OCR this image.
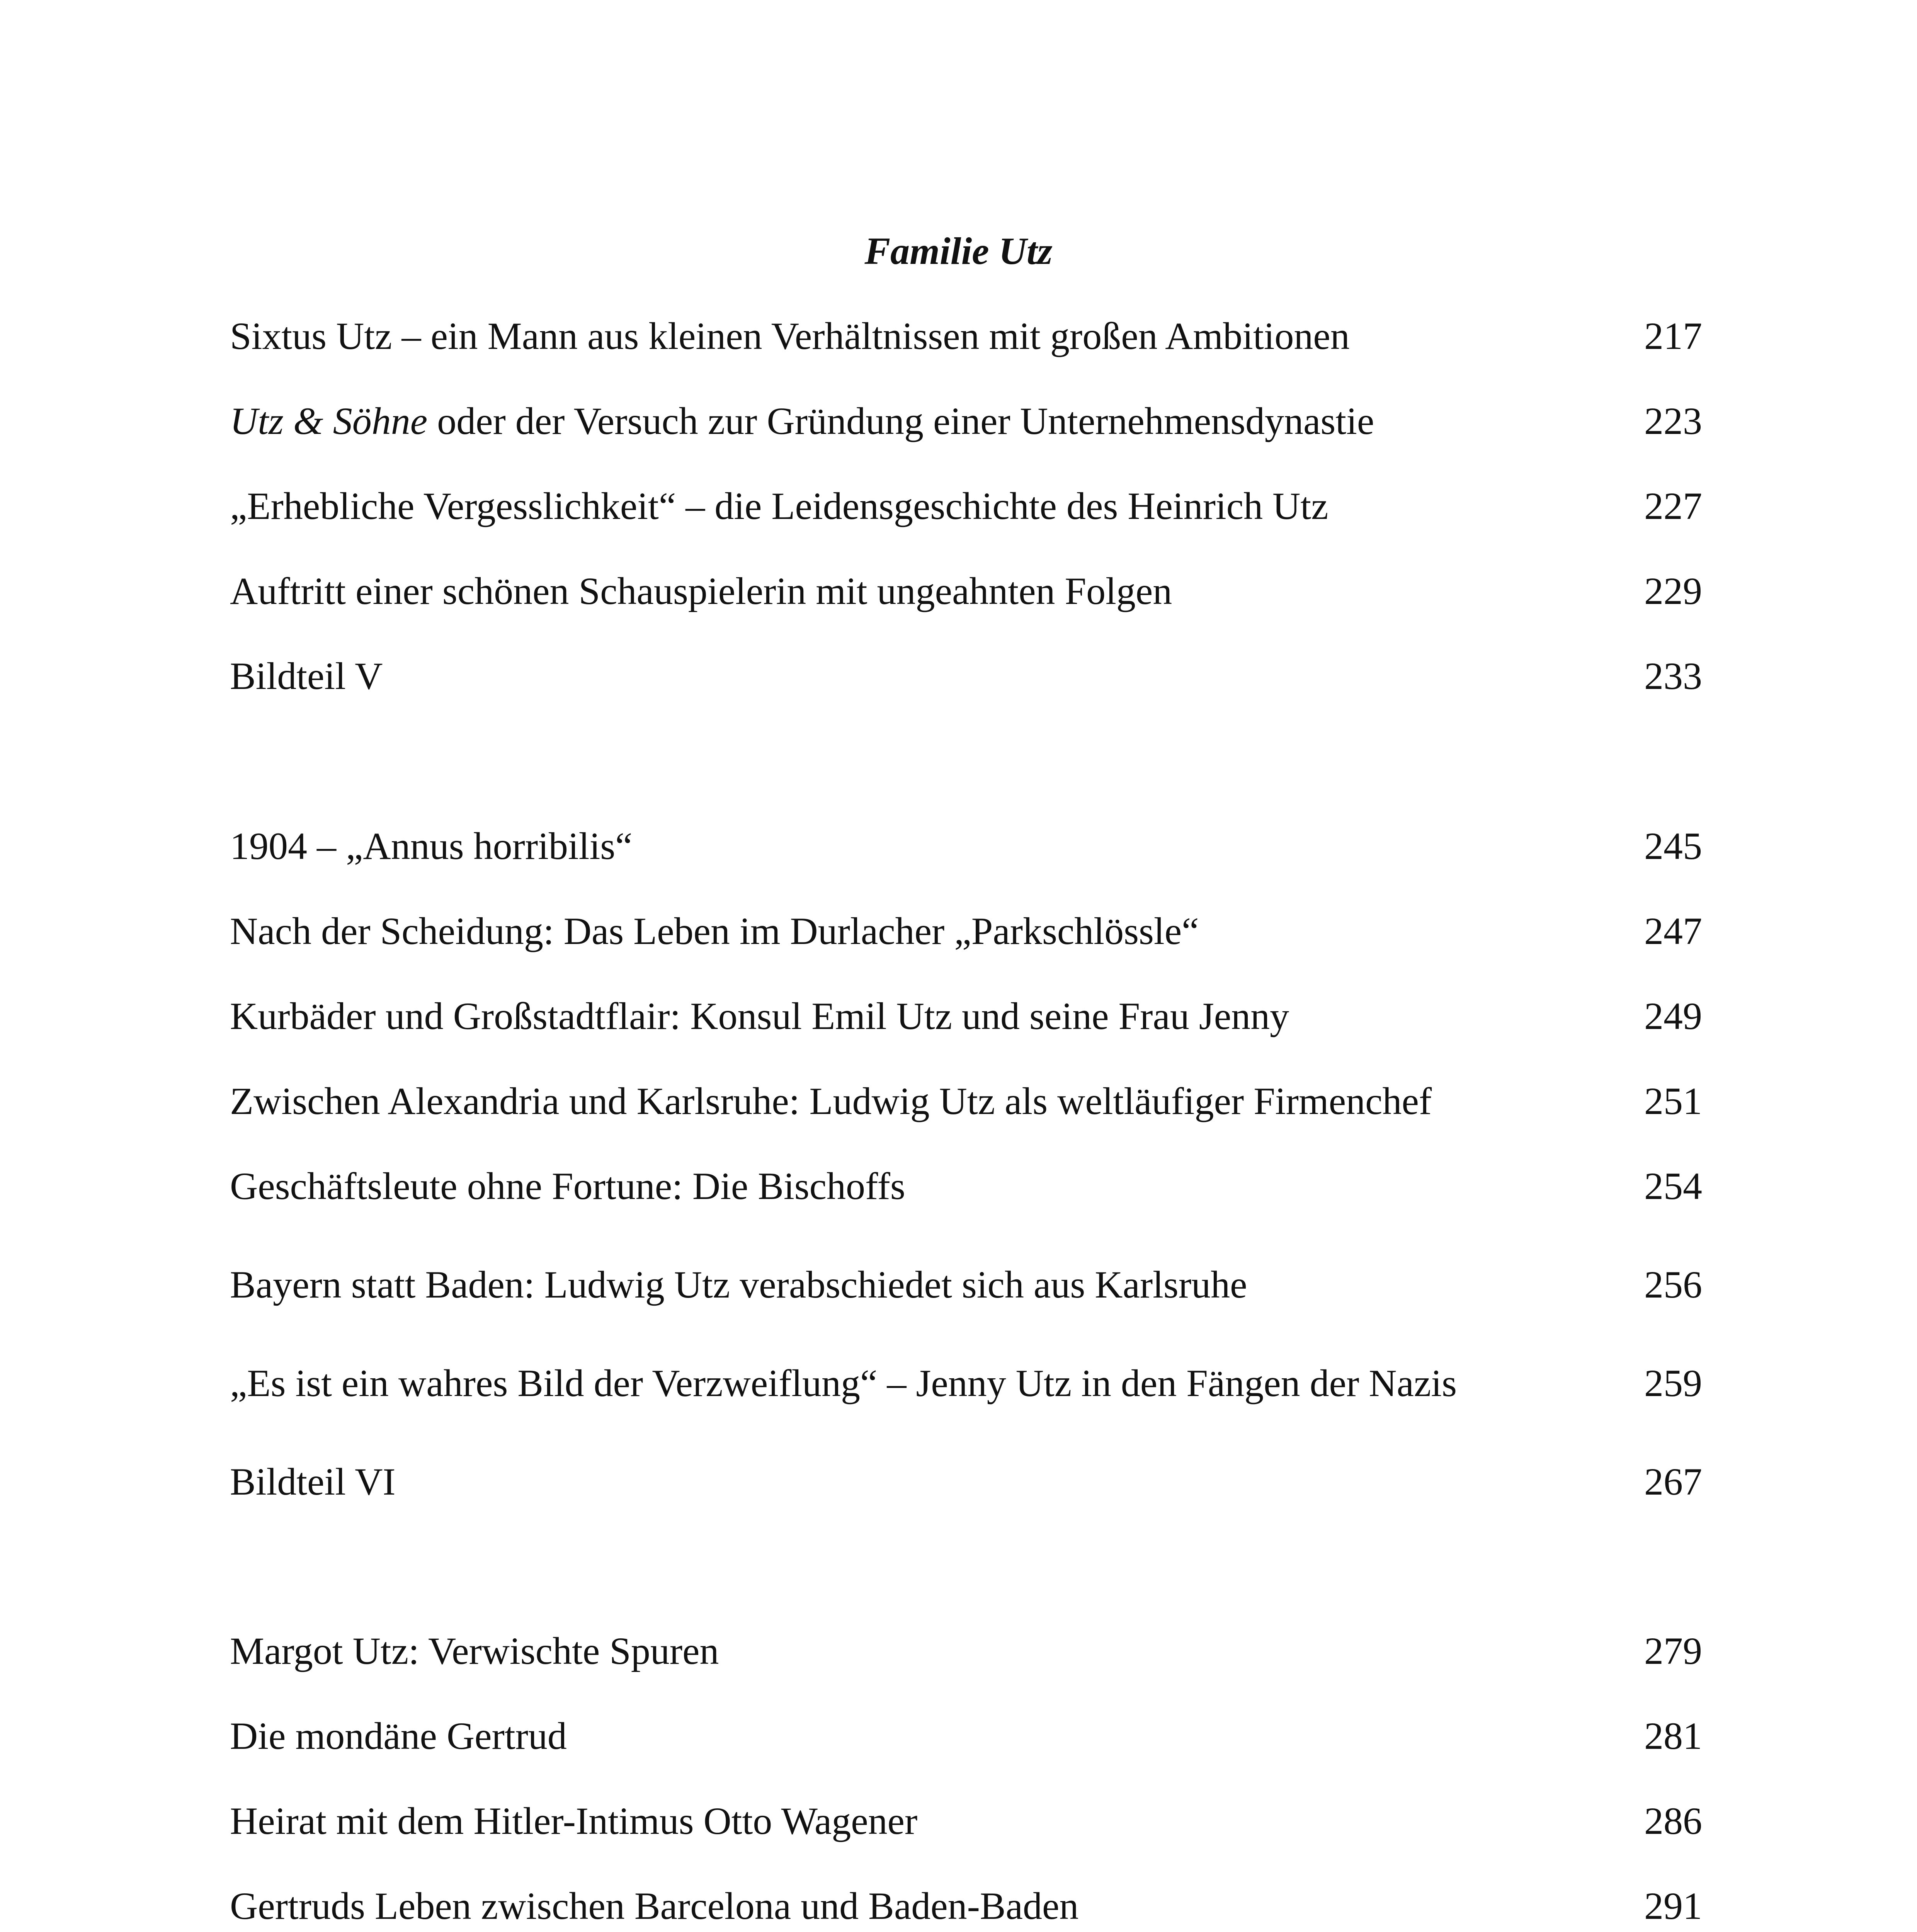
Familie Utz
Sixtus Utz – ein Mann aus kleinen Verhältnissen mit großen Ambitionen	217
Utz & Söhne oder der Versuch zur Gründung einer Unternehmensdynastie	223
„Erhebliche Vergesslichkeit“ – die Leidensgeschichte des Heinrich Utz	227
Auftritt einer schönen Schauspielerin mit ungeahnten Folgen	229
Bildteil V	233
1904 – „Annus horribilis“	245
Nach der Scheidung: Das Leben im Durlacher „Parkschlössle“	247
Kurbäder und Großstadtflair: Konsul Emil Utz und seine Frau Jenny	249
Zwischen Alexandria und Karlsruhe: Ludwig Utz als weltläufiger Firmenchef	251
Geschäftsleute ohne Fortune: Die Bischoffs	254
Bayern statt Baden: Ludwig Utz verabschiedet sich aus Karlsruhe	256
„Es ist ein wahres Bild der Verzweiflung“ – Jenny Utz in den Fängen der Nazis	259
Bildteil VI	267
Margot Utz: Verwischte Spuren	279
Die mondäne Gertrud	281
Heirat mit dem Hitler-Intimus Otto Wagener	286
Gertruds Leben zwischen Barcelona und Baden-Baden	291
